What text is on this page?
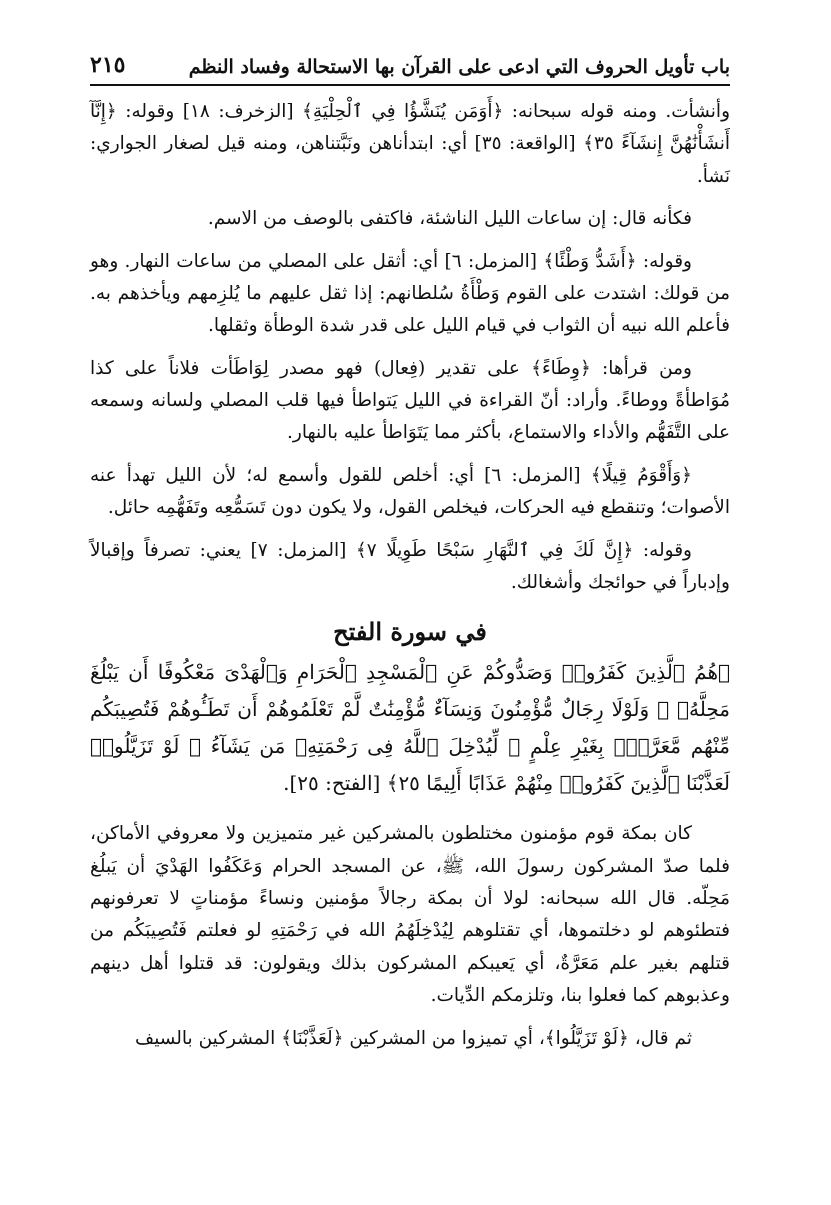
باب تأويل الحروف التي ادعى على القرآن بها الاستحالة وفساد النظم
٢١٥

وأنشأت. ومنه قوله سبحانه: ﴿أَوَمَن يُنَشَّؤُا فِي ٱلْحِلْيَةِ﴾ [الزخرف: ١٨] وقوله: ﴿إِنَّآ أَنشَأْنَٰهُنَّ إِنشَآءً ٣٥﴾ [الواقعة: ٣٥] أي: ابتدأناهن ونَبَّتناهن، ومنه قيل لصغار الجواري: نَشأ.

فكأنه قال: إن ساعات الليل الناشئة، فاكتفى بالوصف من الاسم.

وقوله: ﴿أَشَدُّ وَطْئًا﴾ [المزمل: ٦] أي: أثقل على المصلي من ساعات النهار. وهو من قولك: اشتدت على القوم وَطْأَةُ سُلطانهم: إذا ثقل عليهم ما يُلزِمهم ويأخذهم به. فأعلم الله نبيه أن الثواب في قيام الليل على قدر شدة الوطأة وثقلها.

ومن قرأها: ﴿وِطَاءً﴾ على تقدير (فِعال) فهو مصدر لِوَاطَأت فلاناً على كذا مُوَاطأةً ووطاءً. وأراد: أنّ القراءة في الليل يَتواطأ فيها قلب المصلي ولسانه وسمعه على التَّفَهُّم والأداء والاستماع، بأكثر مما يَتَوَاطأ عليه بالنهار.

﴿وَأَقْوَمُ قِيلًا﴾ [المزمل: ٦] أي: أخلص للقول وأسمع له؛ لأن الليل تهدأ عنه الأصوات؛ وتنقطع فيه الحركات، فيخلص القول، ولا يكون دون تَسَمُّعِه وتَفَهُّمِه حائل.

وقوله: ﴿إِنَّ لَكَ فِي ٱلنَّهَارِ سَبْحًا طَوِيلًا ٧﴾ [المزمل: ٧] يعني: تصرفاً وإقبالاً وإدباراً في حوائجك وأشغالك.

في سورة الفتح

﴿هُمُ ٱلَّذِينَ كَفَرُوا۟ وَصَدُّوكُمْ عَنِ ٱلْمَسْجِدِ ٱلْحَرَامِ وَٱلْهَدْىَ مَعْكُوفًا أَن يَبْلُغَ مَحِلَّهُۥ ۚ وَلَوْلَا رِجَالٌ مُّؤْمِنُونَ وَنِسَآءٌ مُّؤْمِنَٰتٌ لَّمْ تَعْلَمُوهُمْ أَن تَطَـُٔوهُمْ فَتُصِيبَكُم مِّنْهُم مَّعَرَّةٌۢ بِغَيْرِ عِلْمٍ ۖ لِّيُدْخِلَ ٱللَّهُ فِى رَحْمَتِهِۦ مَن يَشَآءُ ۚ لَوْ تَزَيَّلُوا۟ لَعَذَّبْنَا ٱلَّذِينَ كَفَرُوا۟ مِنْهُمْ عَذَابًا أَلِيمًا ٢٥﴾ [الفتح: ٢٥].

كان بمكة قوم مؤمنون مختلطون بالمشركين غير متميزين ولا معروفي الأماكن، فلما صدّ المشركون رسولَ الله، ﷺ، عن المسجد الحرام وَعَكَفُوا الهَدْيَ أن يَبلُغ مَحِلّه. قال الله سبحانه: لولا أن بمكة رجالاً مؤمنين ونساءً مؤمناتٍ لا تعرفونهم فتطئوهم لو دخلتموها، أي تقتلوهم لِيُدْخِلَهُمُ الله في رَحْمَتِهِ لو فعلتم فَتُصِيبَكُم من قتلهم بغير علم مَعَرَّةٌ، أي يَعيبكم المشركون بذلك ويقولون: قد قتلوا أهل دينهم وعذبوهم كما فعلوا بنا، وتلزمكم الدِّيات.

ثم قال، ﴿لَوْ تَزَيَّلُوا﴾، أي تميزوا من المشركين ﴿لَعَذَّبْنَا﴾ المشركين بالسيف
